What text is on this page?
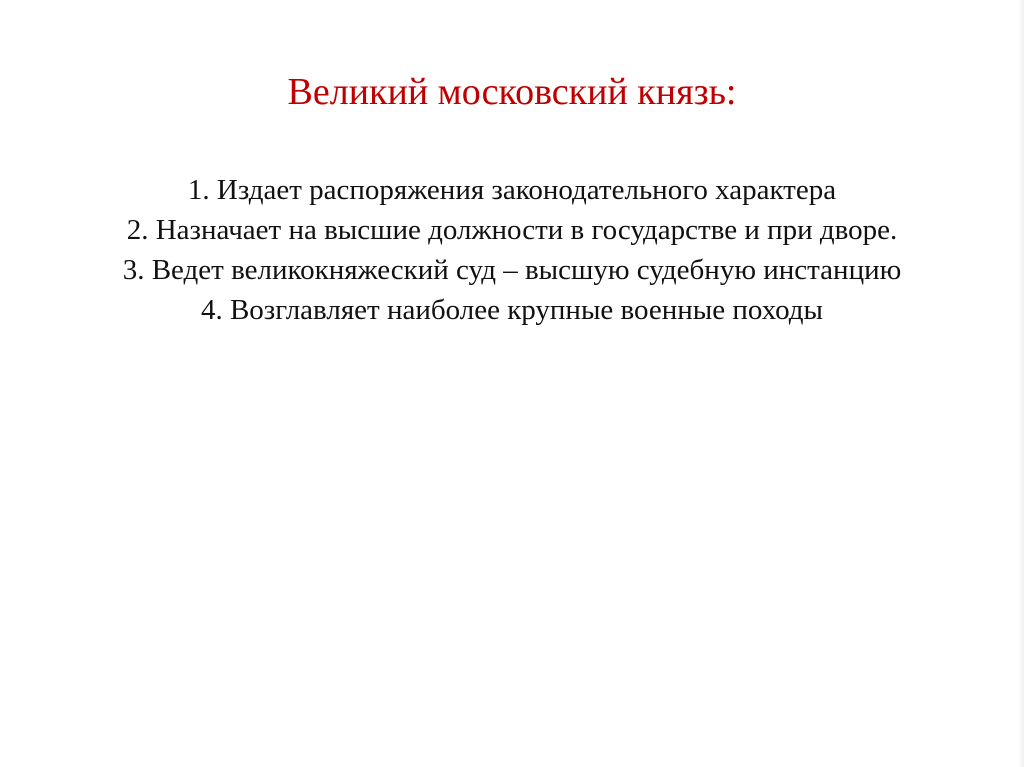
Великий московский князь:
1. Издает распоряжения законодательного характера
2. Назначает на высшие должности в государстве и при дворе.
3. Ведет великокняжеский суд – высшую судебную инстанцию
4. Возглавляет наиболее крупные военные походы
